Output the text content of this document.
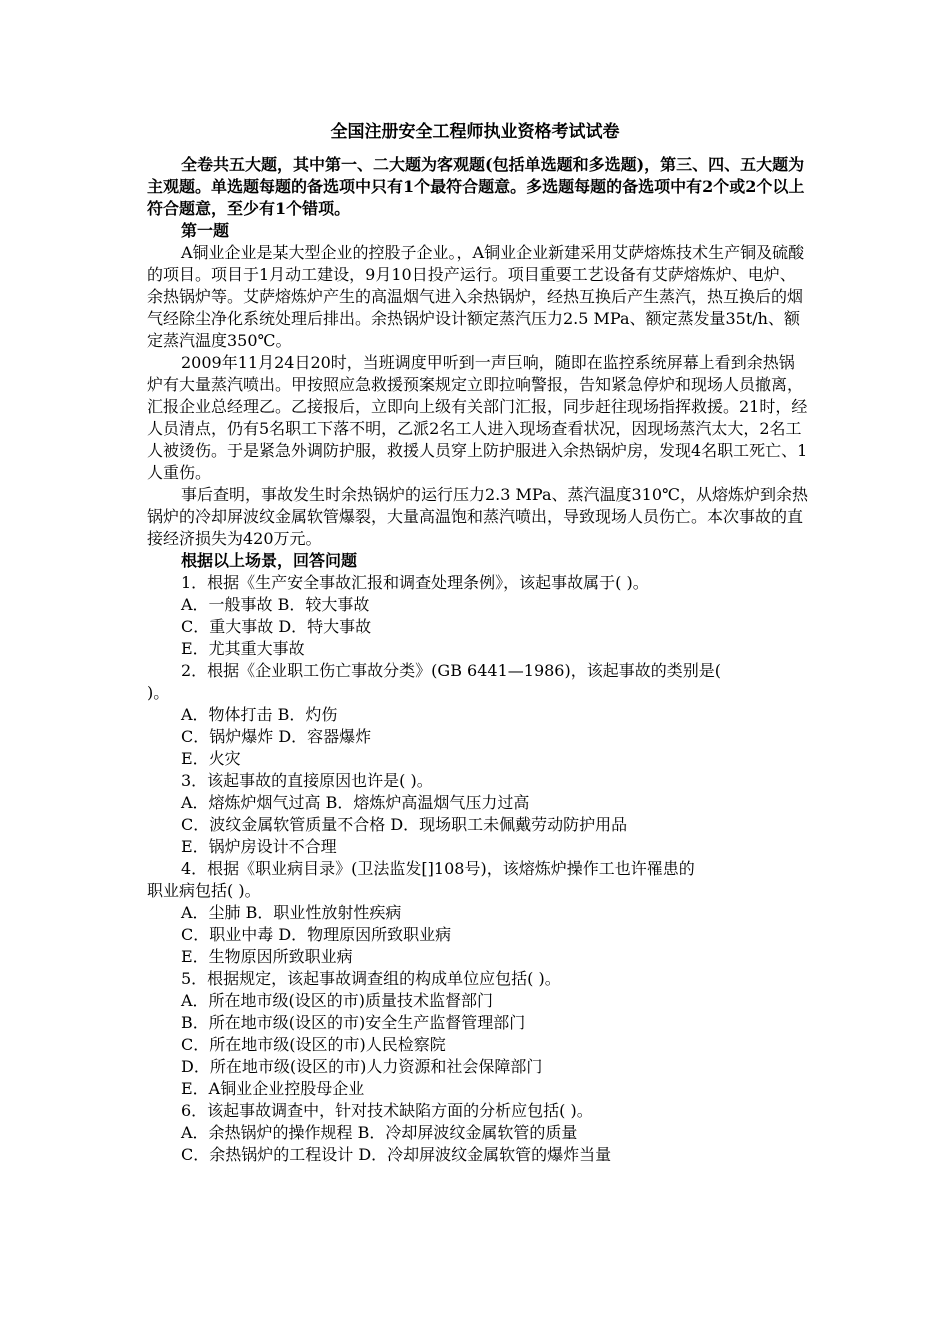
全国注册安全工程师执业资格考试试卷

全卷共五大题，其中第一、二大题为客观题(包括单选题和多选题)，第三、四、五大题为主观题。单选题每题的备选项中只有1个最符合题意。多选题每题的备选项中有2个或2个以上符合题意，至少有1个错项。

第一题

A铜业企业是某大型企业的控股子企业。，A铜业企业新建采用艾萨熔炼技术生产铜及硫酸的项目。项目于1月动工建设，9月10日投产运行。项目重要工艺设备有艾萨熔炼炉、电炉、余热锅炉等。艾萨熔炼炉产生的高温烟气进入余热锅炉，经热互换后产生蒸汽，热互换后的烟气经除尘净化系统处理后排出。余热锅炉设计额定蒸汽压力2.5 MPa、额定蒸发量35t/h、额定蒸汽温度350℃。

2009年11月24日20时，当班调度甲听到一声巨响，随即在监控系统屏幕上看到余热锅炉有大量蒸汽喷出。甲按照应急救援预案规定立即拉响警报，告知紧急停炉和现场人员撤离，汇报企业总经理乙。乙接报后，立即向上级有关部门汇报，同步赶往现场指挥救援。21时，经人员清点，仍有5名职工下落不明，乙派2名工人进入现场查看状况，因现场蒸汽太大，2名工人被烫伤。于是紧急外调防护服，救援人员穿上防护服进入余热锅炉房，发现4名职工死亡、1人重伤。

事后查明，事故发生时余热锅炉的运行压力2.3 MPa、蒸汽温度310℃，从熔炼炉到余热锅炉的冷却屏波纹金属软管爆裂，大量高温饱和蒸汽喷出，导致现场人员伤亡。本次事故的直接经济损失为420万元。

根据以上场景，回答问题

1．根据《生产安全事故汇报和调查处理条例》，该起事故属于( )。

A．一般事故 B．较大事故

C．重大事故 D．特大事故

E．尤其重大事故

2．根据《企业职工伤亡事故分类》(GB 6441—1986)，该起事故的类别是(

)。

A．物体打击 B．灼伤

C．锅炉爆炸 D．容器爆炸

E．火灾

3．该起事故的直接原因也许是( )。

A．熔炼炉烟气过高 B．熔炼炉高温烟气压力过高

C．波纹金属软管质量不合格 D．现场职工未佩戴劳动防护用品

E．锅炉房设计不合理

4．根据《职业病目录》(卫法监发[]108号)，该熔炼炉操作工也许罹患的

职业病包括( )。

A．尘肺 B．职业性放射性疾病

C．职业中毒 D．物理原因所致职业病

E．生物原因所致职业病

5．根据规定，该起事故调查组的构成单位应包括( )。

A．所在地市级(设区的市)质量技术监督部门

B．所在地市级(设区的市)安全生产监督管理部门

C．所在地市级(设区的市)人民检察院

D．所在地市级(设区的市)人力资源和社会保障部门

E．A铜业企业控股母企业

6．该起事故调查中，针对技术缺陷方面的分析应包括( )。

A．余热锅炉的操作规程 B．冷却屏波纹金属软管的质量

C．余热锅炉的工程设计 D．冷却屏波纹金属软管的爆炸当量
